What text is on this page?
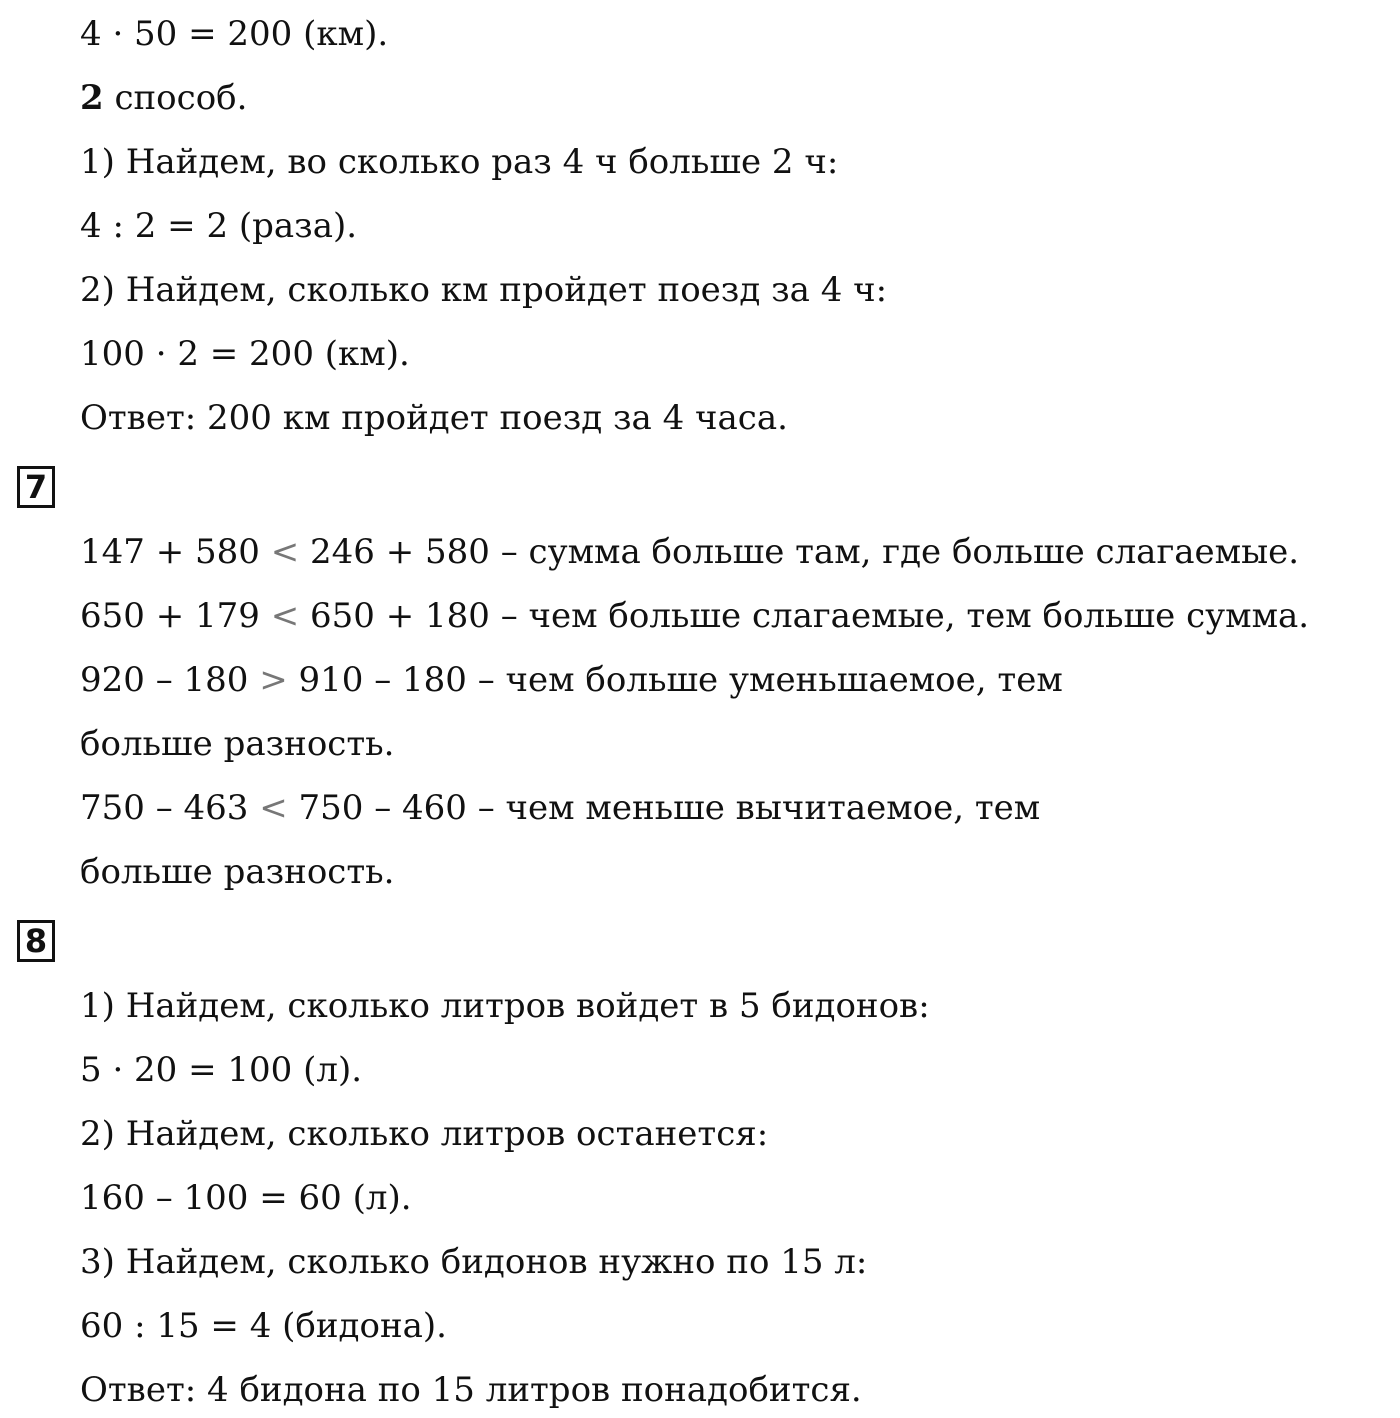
4 · 50 = 200 (км).
2 способ.
1) Найдем, во сколько раз 4 ч больше 2 ч:
4 : 2 = 2 (раза).
2) Найдем, сколько км пройдет поезд за 4 ч:
100 · 2 = 200 (км).
Ответ: 200 км пройдет поезд за 4 часа.
7
147 + 580 < 246 + 580 – сумма больше там, где больше слагаемые.
650 + 179 < 650 + 180 – чем больше слагаемые, тем больше сумма.
920 – 180 > 910 – 180 – чем больше уменьшаемое, тем
больше разность.
750 – 463 < 750 – 460 – чем меньше вычитаемое, тем
больше разность.
8
1) Найдем, сколько литров войдет в 5 бидонов:
5 · 20 = 100 (л).
2) Найдем, сколько литров останется:
160 – 100 = 60 (л).
3) Найдем, сколько бидонов нужно по 15 л:
60 : 15 = 4 (бидона).
Ответ: 4 бидона по 15 литров понадобится.
